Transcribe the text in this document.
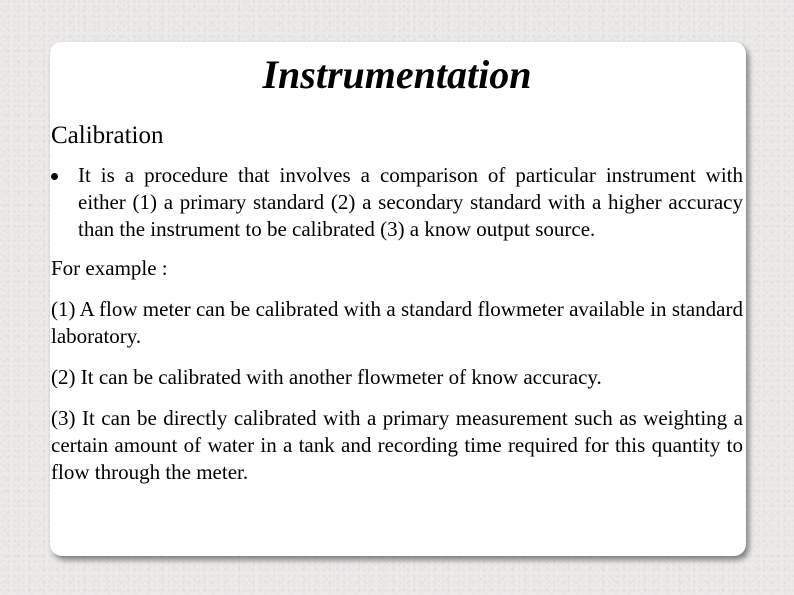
Instrumentation
Calibration
It is a procedure that involves a comparison of particular instrument with either (1) a primary standard (2) a secondary standard with a higher accuracy than the instrument to be calibrated (3) a know output source.

For example :

(1) A flow meter can be calibrated with a standard flowmeter available in standard laboratory.

(2) It can be calibrated with another flowmeter of know accuracy.

(3) It can be directly calibrated with a primary measurement such as weighting a certain amount of water in a tank and recording time required for this quantity to flow through the meter.
